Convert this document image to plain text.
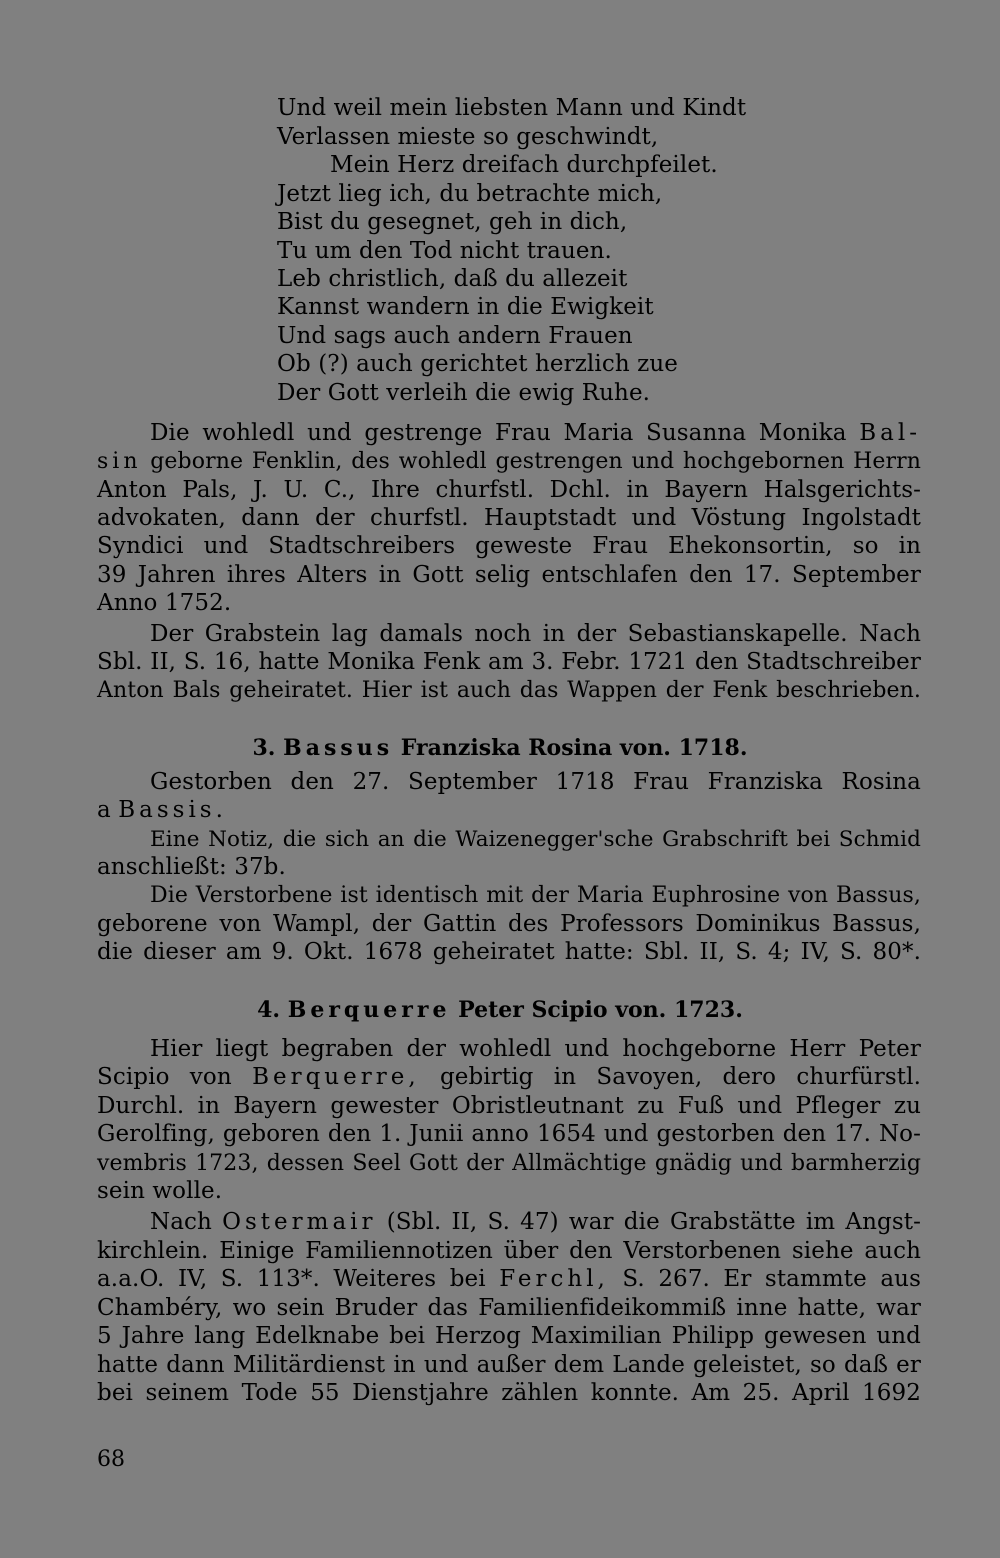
Und weil mein liebsten Mann und Kindt
Verlassen mieste so geschwindt,
Mein Herz dreifach durchpfeilet.
Jetzt lieg ich, du betrachte mich,
Bist du gesegnet, geh in dich,
Tu um den Tod nicht trauen.
Leb christlich, daß du allezeit
Kannst wandern in die Ewigkeit
Und sags auch andern Frauen
Ob (?) auch gerichtet herzlich zue
Der Gott verleih die ewig Ruhe.
Die wohledl und gestrenge Frau Maria Susanna Monika Bal-
sin geborne Fenklin, des wohledl gestrengen und hochgebornen Herrn
Anton Pals, J. U. C., Ihre churfstl. Dchl. in Bayern Halsgerichts-
advokaten, dann der churfstl. Hauptstadt und Vöstung Ingolstadt
Syndici und Stadtschreibers geweste Frau Ehekonsortin, so in
39 Jahren ihres Alters in Gott selig entschlafen den 17. September
Anno 1752.
Der Grabstein lag damals noch in der Sebastianskapelle. Nach
Sbl. II, S. 16, hatte Monika Fenk am 3. Febr. 1721 den Stadtschreiber
Anton Bals geheiratet. Hier ist auch das Wappen der Fenk beschrieben.
3. Bassus Franziska Rosina von. 1718.
Gestorben den 27. September 1718 Frau Franziska Rosina
a Bassis.
Eine Notiz, die sich an die Waizenegger'sche Grabschrift bei Schmid
anschließt: 37b.
Die Verstorbene ist identisch mit der Maria Euphrosine von Bassus,
geborene von Wampl, der Gattin des Professors Dominikus Bassus,
die dieser am 9. Okt. 1678 geheiratet hatte: Sbl. II, S. 4; IV, S. 80*.
4. Berquerre Peter Scipio von. 1723.
Hier liegt begraben der wohledl und hochgeborne Herr Peter
Scipio von Berquerre, gebirtig in Savoyen, dero churfürstl.
Durchl. in Bayern gewester Obristleutnant zu Fuß und Pfleger zu
Gerolfing, geboren den 1. Junii anno 1654 und gestorben den 17. No-
vembris 1723, dessen Seel Gott der Allmächtige gnädig und barmherzig
sein wolle.
Nach Ostermair (Sbl. II, S. 47) war die Grabstätte im Angst-
kirchlein. Einige Familiennotizen über den Verstorbenen siehe auch
a.a.O. IV, S. 113*. Weiteres bei Ferchl, S. 267. Er stammte aus
Chambéry, wo sein Bruder das Familienfideikommiß inne hatte, war
5 Jahre lang Edelknabe bei Herzog Maximilian Philipp gewesen und
hatte dann Militärdienst in und außer dem Lande geleistet, so daß er
bei seinem Tode 55 Dienstjahre zählen konnte. Am 25. April 1692
68
